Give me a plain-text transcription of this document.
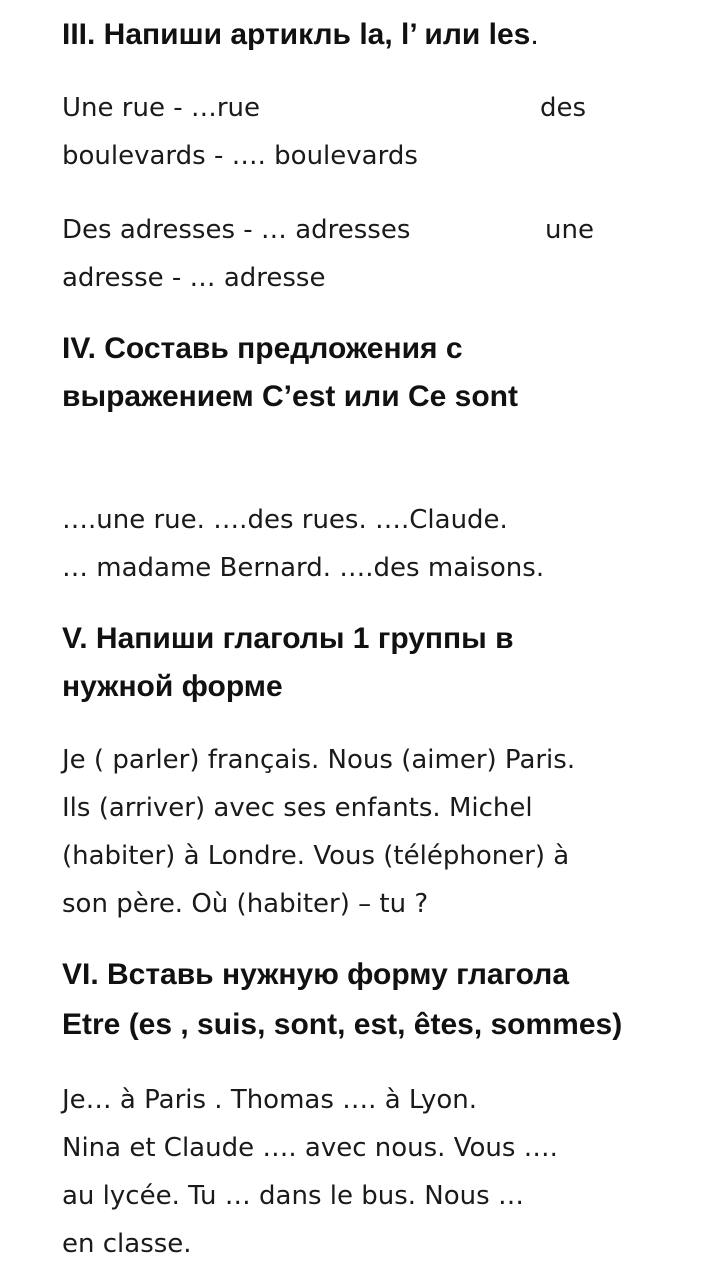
III. Напиши артикль la, l’ или les.
Une rue - …rue	des
boulevards - …. boulevards
Des adresses - … adresses	une
adresse - … adresse
IV. Составь предложения с
выражением C’est или Ce sont
….une rue. ….des rues. ….Claude.
… madame Bernard. ….des maisons.
V. Напиши глаголы 1 группы в
нужной форме
Je ( parler) français. Nous (aimer) Paris.
Ils (arriver) avec ses enfants. Michel
(habiter) à Londre. Vous (téléphoner) à
son père. Où (habiter) – tu ?
VI. Вставь нужную форму глагола
Etre (es , suis, sont, est, êtes, sommes)
Je… à Paris . Thomas …. à Lyon.
Nina et Claude …. avec nous. Vous ….
au lycée. Tu … dans le bus. Nous …
en classe.
